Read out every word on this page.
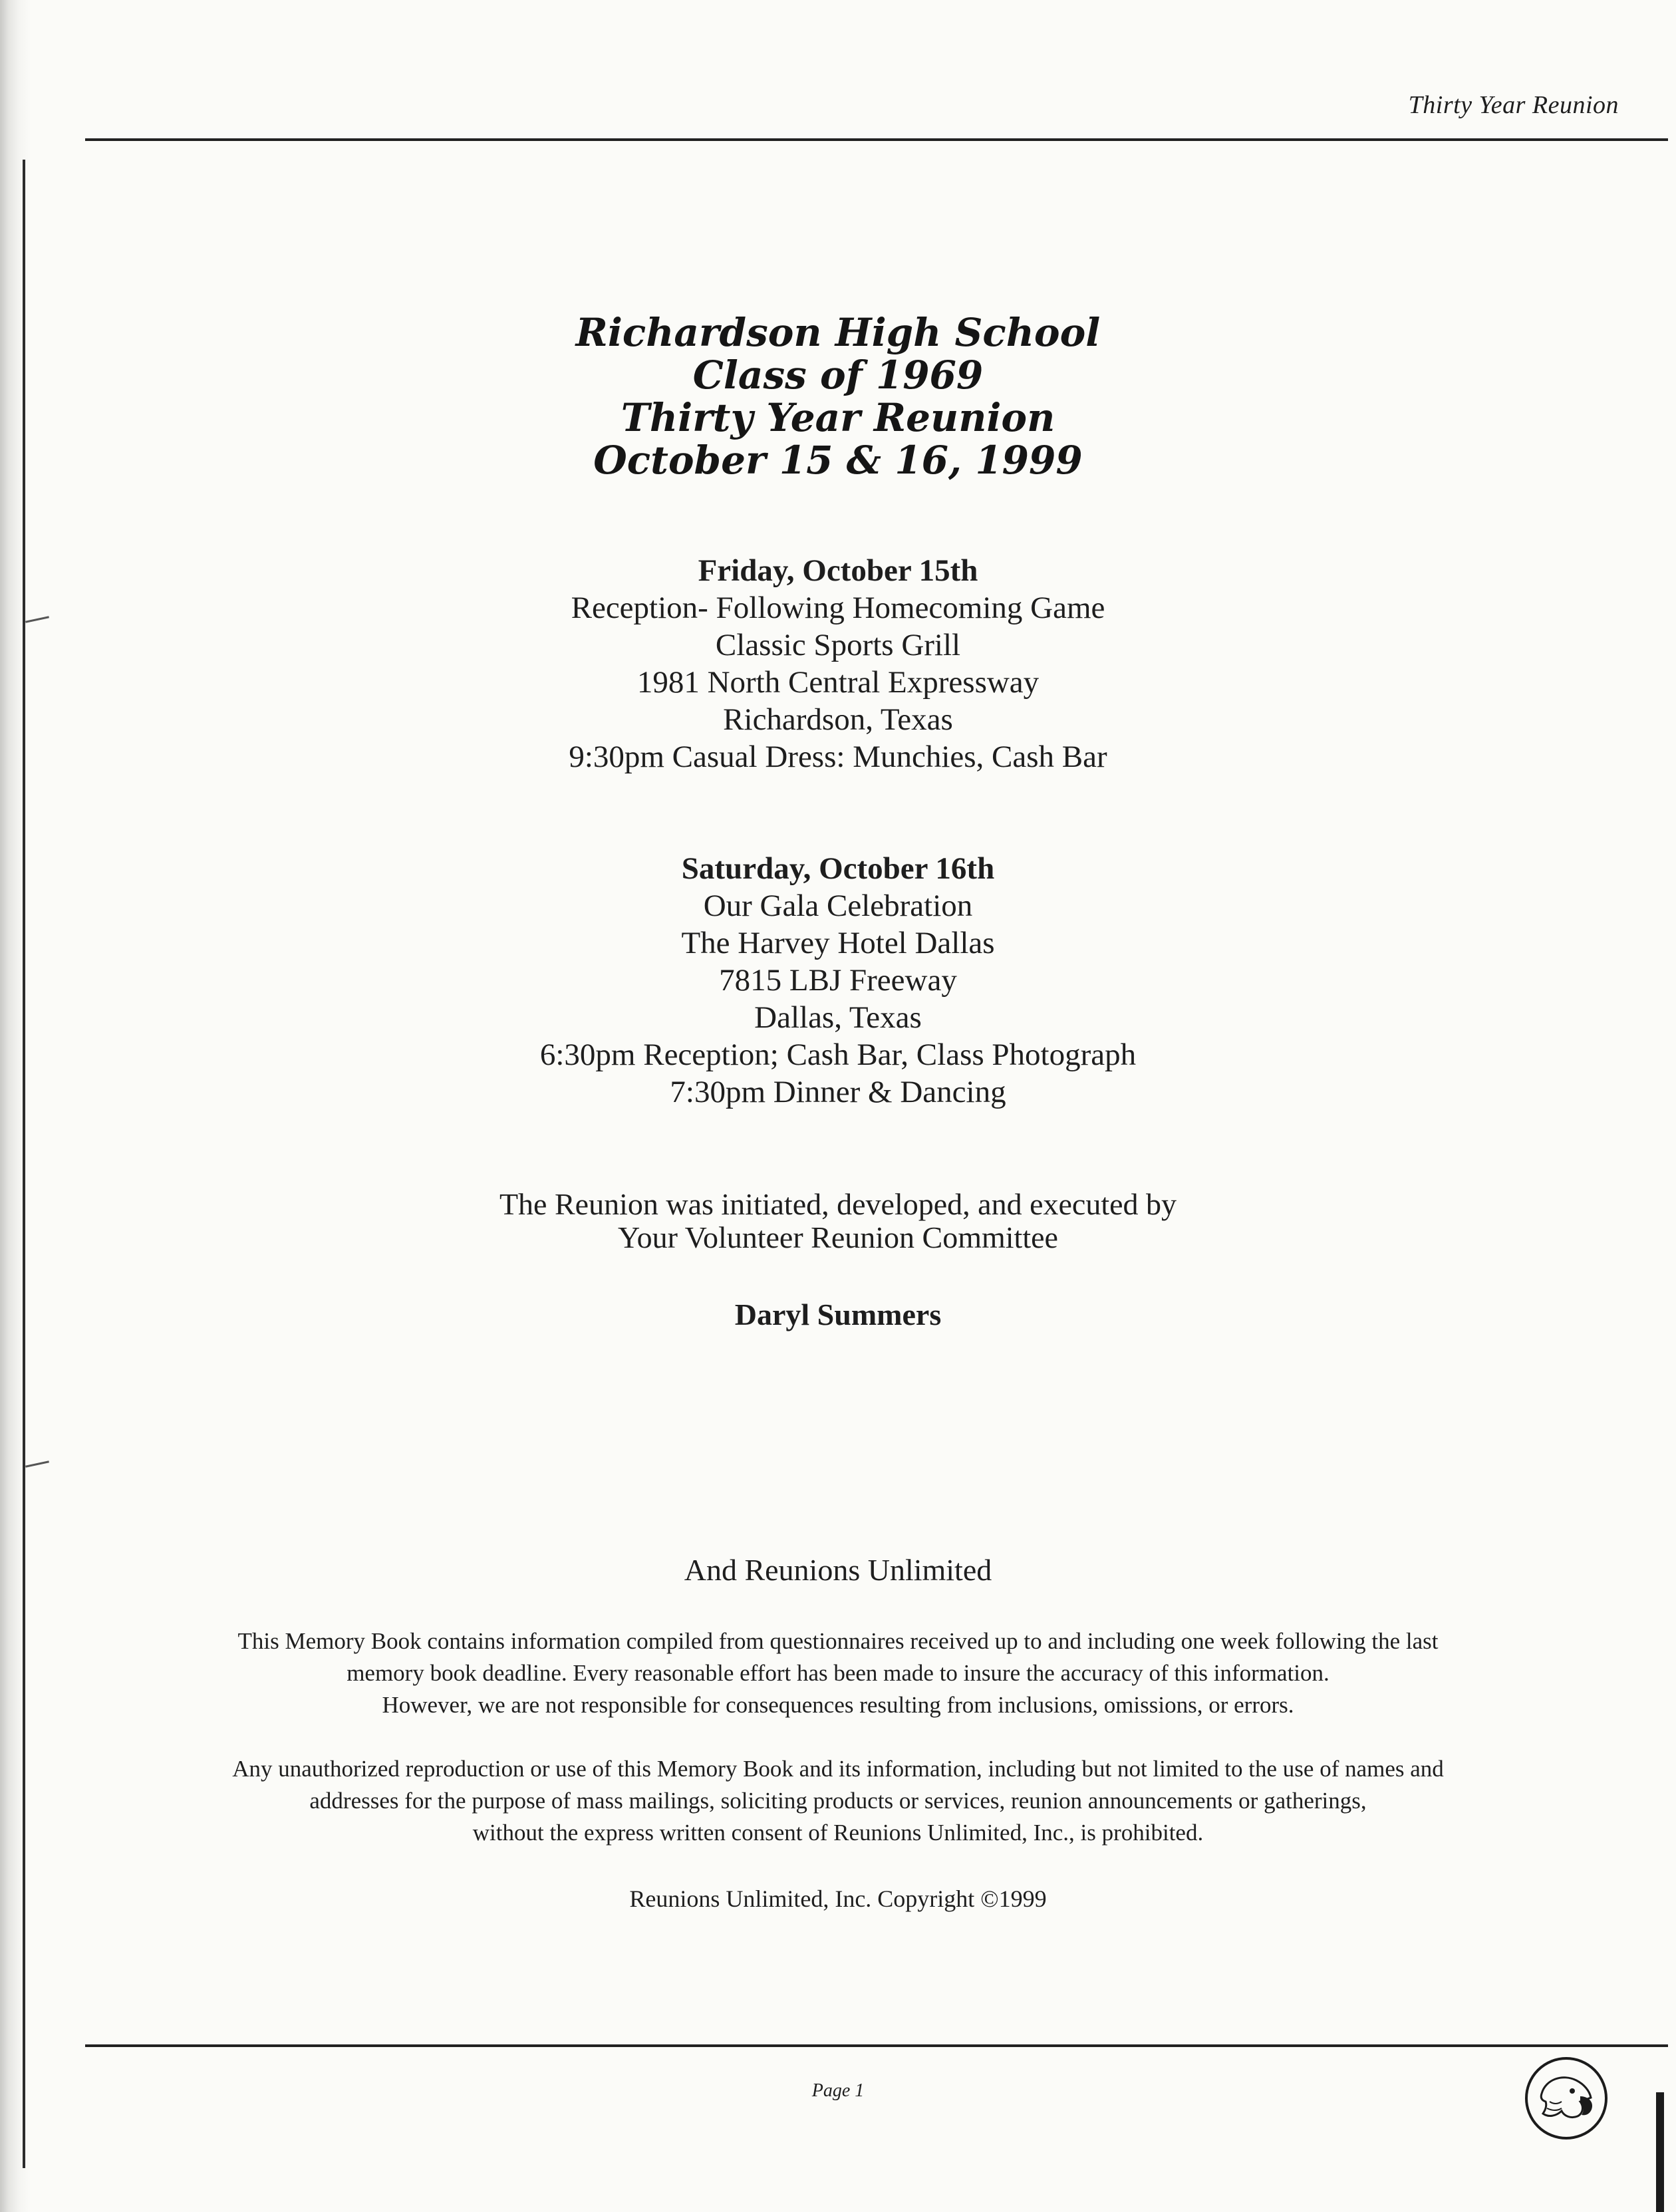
Thirty Year Reunion
Richardson High School
Class of 1969
Thirty Year Reunion
October 15 & 16, 1999
Friday, October 15th
Reception- Following Homecoming Game
Classic Sports Grill
1981 North Central Expressway
Richardson, Texas
9:30pm Casual Dress: Munchies, Cash Bar
Saturday, October 16th
Our Gala Celebration
The Harvey Hotel Dallas
7815 LBJ Freeway
Dallas, Texas
6:30pm Reception; Cash Bar, Class Photograph
7:30pm Dinner & Dancing
The Reunion was initiated, developed, and executed by
Your Volunteer Reunion Committee
Daryl Summers
And Reunions Unlimited
This Memory Book contains information compiled from questionnaires received up to and including one week following the last
memory book deadline. Every reasonable effort has been made to insure the accuracy of this information.
However, we are not responsible for consequences resulting from inclusions, omissions, or errors.
Any unauthorized reproduction or use of this Memory Book and its information, including but not limited to the use of names and
addresses for the purpose of mass mailings, soliciting products or services, reunion announcements or gatherings,
without the express written consent of Reunions Unlimited, Inc., is prohibited.
Reunions Unlimited, Inc. Copyright ©1999
Page 1
